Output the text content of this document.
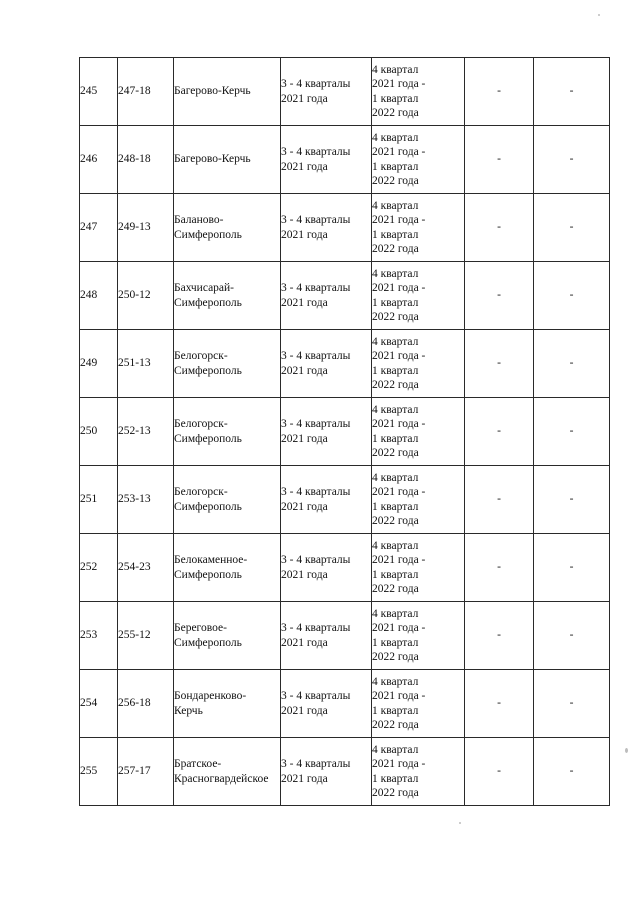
245	247-18	Багерово-Керчь	3 - 4 кварталы
2021 года	4 квартал
2021 года -
1 квартал
2022 года	-	-

246	248-18	Багерово-Керчь	3 - 4 кварталы
2021 года	4 квартал
2021 года -
1 квартал
2022 года	-	-

247	249-13	Баланово-
Симферополь	3 - 4 кварталы
2021 года	4 квартал
2021 года -
1 квартал
2022 года	-	-

248	250-12	Бахчисарай-
Симферополь	3 - 4 кварталы
2021 года	4 квартал
2021 года -
1 квартал
2022 года	-	-

249	251-13	Белогорск-
Симферополь	3 - 4 кварталы
2021 года	4 квартал
2021 года -
1 квартал
2022 года	-	-

250	252-13	Белогорск-
Симферополь	3 - 4 кварталы
2021 года	4 квартал
2021 года -
1 квартал
2022 года	-	-

251	253-13	Белогорск-
Симферополь	3 - 4 кварталы
2021 года	4 квартал
2021 года -
1 квартал
2022 года	-	-

252	254-23	Белокаменное-
Симферополь	3 - 4 кварталы
2021 года	4 квартал
2021 года -
1 квартал
2022 года	-	-

253	255-12	Береговое-
Симферополь	3 - 4 кварталы
2021 года	4 квартал
2021 года -
1 квартал
2022 года	-	-

254	256-18	Бондаренково-
Керчь	3 - 4 кварталы
2021 года	4 квартал
2021 года -
1 квартал
2022 года	-	-

255	257-17	Братское-
Красногвардейское	3 - 4 кварталы
2021 года	4 квартал
2021 года -
1 квартал
2022 года	-	-
